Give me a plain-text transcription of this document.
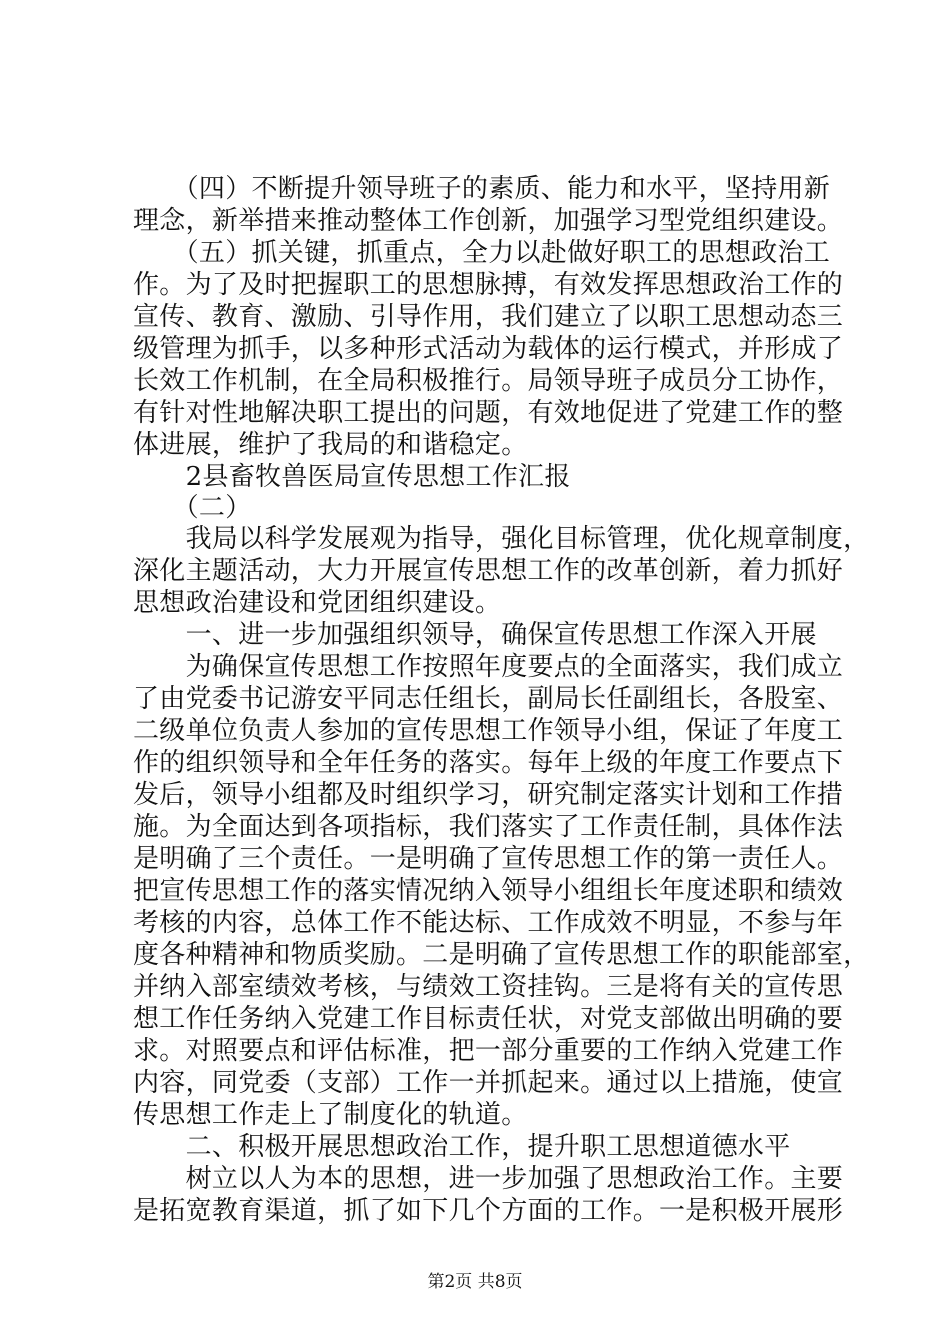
　　（四）不断提升领导班子的素质、能力和水平，坚持用新
理念，新举措来推动整体工作创新，加强学习型党组织建设。
　　（五）抓关键，抓重点，全力以赴做好职工的思想政治工
作。为了及时把握职工的思想脉搏，有效发挥思想政治工作的
宣传、教育、激励、引导作用，我们建立了以职工思想动态三
级管理为抓手，以多种形式活动为载体的运行模式，并形成了
长效工作机制，在全局积极推行。局领导班子成员分工协作，
有针对性地解决职工提出的问题，有效地促进了党建工作的整
体进展，维护了我局的和谐稳定。
　　2县畜牧兽医局宣传思想工作汇报
　　（二）
　　我局以科学发展观为指导，强化目标管理，优化规章制度，
深化主题活动，大力开展宣传思想工作的改革创新，着力抓好
思想政治建设和党团组织建设。
　　一、进一步加强组织领导，确保宣传思想工作深入开展
　　为确保宣传思想工作按照年度要点的全面落实，我们成立
了由党委书记游安平同志任组长，副局长任副组长，各股室、
二级单位负责人参加的宣传思想工作领导小组，保证了年度工
作的组织领导和全年任务的落实。每年上级的年度工作要点下
发后，领导小组都及时组织学习，研究制定落实计划和工作措
施。为全面达到各项指标，我们落实了工作责任制，具体作法
是明确了三个责任。一是明确了宣传思想工作的第一责任人。
把宣传思想工作的落实情况纳入领导小组组长年度述职和绩效
考核的内容，总体工作不能达标、工作成效不明显，不参与年
度各种精神和物质奖励。二是明确了宣传思想工作的职能部室，
并纳入部室绩效考核，与绩效工资挂钩。三是将有关的宣传思
想工作任务纳入党建工作目标责任状，对党支部做出明确的要
求。对照要点和评估标准，把一部分重要的工作纳入党建工作
内容，同党委（支部）工作一并抓起来。通过以上措施，使宣
传思想工作走上了制度化的轨道。
　　二、积极开展思想政治工作，提升职工思想道德水平
　　树立以人为本的思想，进一步加强了思想政治工作。主要
是拓宽教育渠道，抓了如下几个方面的工作。一是积极开展形
第2页 共8页
